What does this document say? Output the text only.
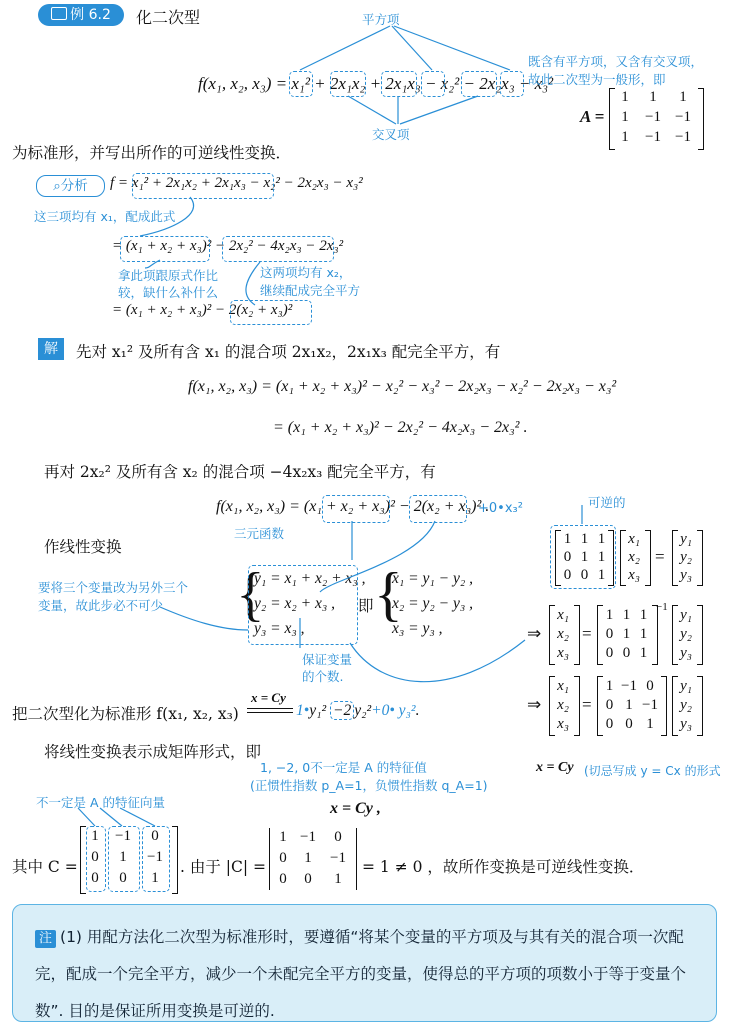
例 6.2	化二次型	平方项
交叉项
f(x₁, x₂, x₃) = x₁² + 2x₁x₂ + 2x₁x₃ − x₂² − 2x₂x₃ − x₃²
既含有平方项，又含有交叉项，
故此二次型为一般形，即
A =
1	1	1
1	−1 −1
1	−1 −1
为标准形，并写出所作的可逆线性变换．
⌕分析	f = x₁² + 2x₁x₂ + 2x₁x₃ − x₂² − 2x₂x₃ − x₃²
这三项均有 x₁，配成此式
= (x₁ + x₂ + x₃)² − 2x₂² − 4x₂x₃ − 2x₃²
拿此项跟原式作比
较，缺什么补什么
这两项均有 x₂，
继续配成完全平方
= (x₁ + x₂ + x₃)² − 2(x₂ + x₃)²
解	先对 x₁² 及所有含 x₁ 的混合项 2x₁x₂，2x₁x₃ 配完全平方，有
f(x₁, x₂, x₃) = (x₁ + x₂ + x₃)² − x₂² − x₃² − 2x₂x₃ − x₂² − 2x₂x₃ − x₃²
= (x₁ + x₂ + x₃)² − 2x₂² − 4x₂x₃ − 2x₃² .
再对 2x₂² 及所有含 x₂ 的混合项 −4x₂x₃ 配完全平方，有
f(x₁, x₂, x₃) = (x₁ + x₂ + x₃)² − 2(x₂ + x₃)² .
+0•x₃²
三元函数
作线性变换
要将三个变量改为另外三个
变量，故此步必不可少 {
y₁ = x₁ + x₂ + x₃ ,
y₂ = x₂ + x₃ ,
y₃ = x₃ ,
即 {
x₁ = y₁ − y₂ ,
x₂ = y₂ − y₃ ,
x₃ = y₃ ,
保证变量
的个数.
可逆的
1 1 1
0 1 1
0 0 1
x₁
x₂
x₃
=
y₁
y₂
y₃
⇒
x₁
x₂
x₃
=
1 1 1
0 1 1
0 0 1
−1 y₁
y₂
y₃
⇒
x₁
x₂
x₃
=
1 −1 0
0 1 −1
0 0 1
y₁
y₂
y₃
把二次型化为标准形 f(x₁, x₂, x₃)
x = Cy
1•y₁² −2 y₂²+0• y₃².
将线性变换表示成矩阵形式，即
1, −2, 0不一定是 A 的特征值
(正惯性指数 p_A=1，负惯性指数 q_A=1)
x = Cy (切忌写成 y = Cx 的形式
不一定是 A 的特征向量	x = Cy ,
其中 C =
1	−1	0
0	1	−1
0	0	1
. 由于 |C| =
1 −1	0
0	1	−1
0	0	1
= 1 ≠ 0 ，故所作变换是可逆线性变换．
注 (1) 用配方法化二次型为标准形时，要遵循“将某个变量的平方项及与其有关的混合项一次配完，配成一个完全平方，减少一个未配完全平方的变量，使得总的平方项的项数小于等于变量个数”. 目的是保证所用变换是可逆的.
